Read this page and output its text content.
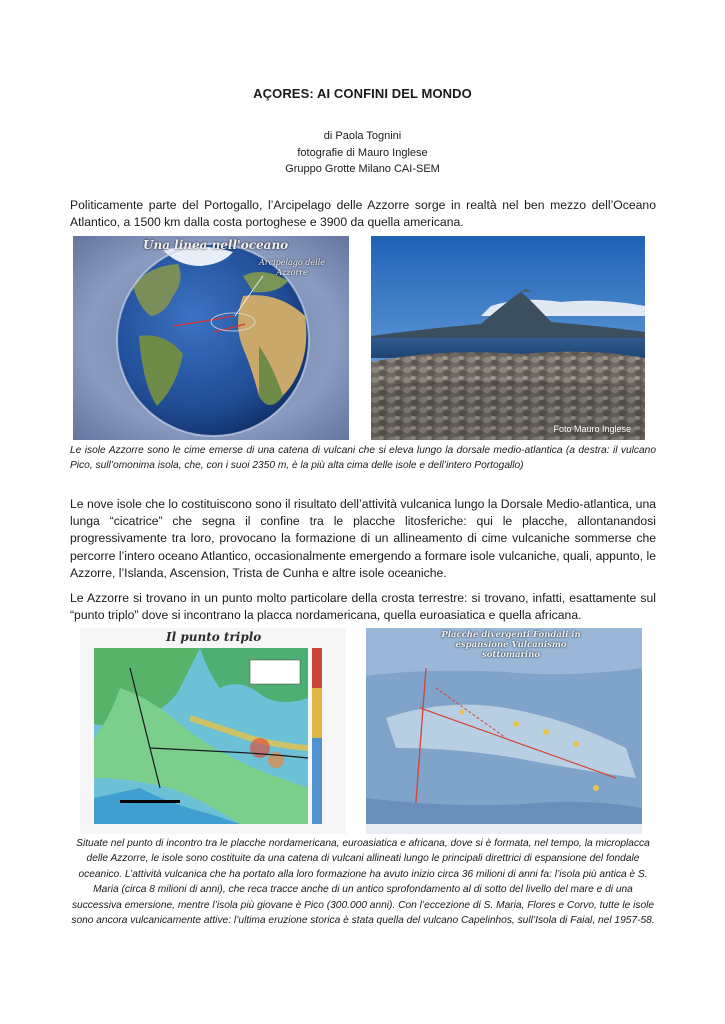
AÇORES: AI CONFINI DEL MONDO
di Paola Tognini
fotografie di Mauro Inglese
Gruppo Grotte Milano CAI-SEM

Politicamente parte del Portogallo, l’Arcipelago delle Azzorre sorge in realtà nel ben mezzo dell’Oceano Atlantico, a 1500 km dalla costa portoghese e 3900 da quella americana.

Una linea nell'oceano
Arcipelago delle Azzorre
Foto Mauro Inglese

Le isole Azzorre sono le cime emerse di una catena di vulcani che si eleva lungo la dorsale medio-atlantica (a destra: il vulcano Pico, sull’omonima isola, che, con i suoi 2350 m, è la più alta cima delle isole e dell’intero Portogallo)

Le nove isole che lo costituiscono sono il risultato dell’attività vulcanica lungo la Dorsale Medio-atlantica, una lunga “cicatrice” che segna il confine tra le placche litosferiche: qui le placche, allontanandosi progressivamente tra loro, provocano la formazione di un allineamento di cime vulcaniche sommerse che percorre l’intero oceano Atlantico, occasionalmente emergendo a formare isole vulcaniche, quali, appunto, le Azzorre, l’Islanda, Ascension, Trista de Cunha e altre isole oceaniche.

Le Azzorre si trovano in un punto molto particolare della crosta terrestre: si trovano, infatti, esattamente sul “punto triplo” dove si incontrano la placca nordamericana, quella euroasiatica e quella africana.

Il punto triplo	Placche divergenti Fondali in espansione Vulcanismo sottomarino

Situate nel punto di incontro tra le placche nordamericana, euroasiatica e africana, dove si è formata, nel tempo, la microplacca delle Azzorre, le isole sono costituite da una catena di vulcani allineati lungo le principali direttrici di espansione del fondale oceanico. L’attività vulcanica che ha portato alla loro formazione ha avuto inizio circa 36 milioni di anni fa: l’isola più antica è S. Maria (circa 8 milioni di anni), che reca tracce anche di un antico sprofondamento al di sotto del livello del mare e di una successiva emersione, mentre l’isola più giovane è Pico (300.000 anni). Con l’eccezione di S. Maria, Flores e Corvo, tutte le isole sono ancora vulcanicamente attive: l’ultima eruzione storica è stata quella del vulcano Capelinhos, sull’Isola di Faial, nel 1957-58.
